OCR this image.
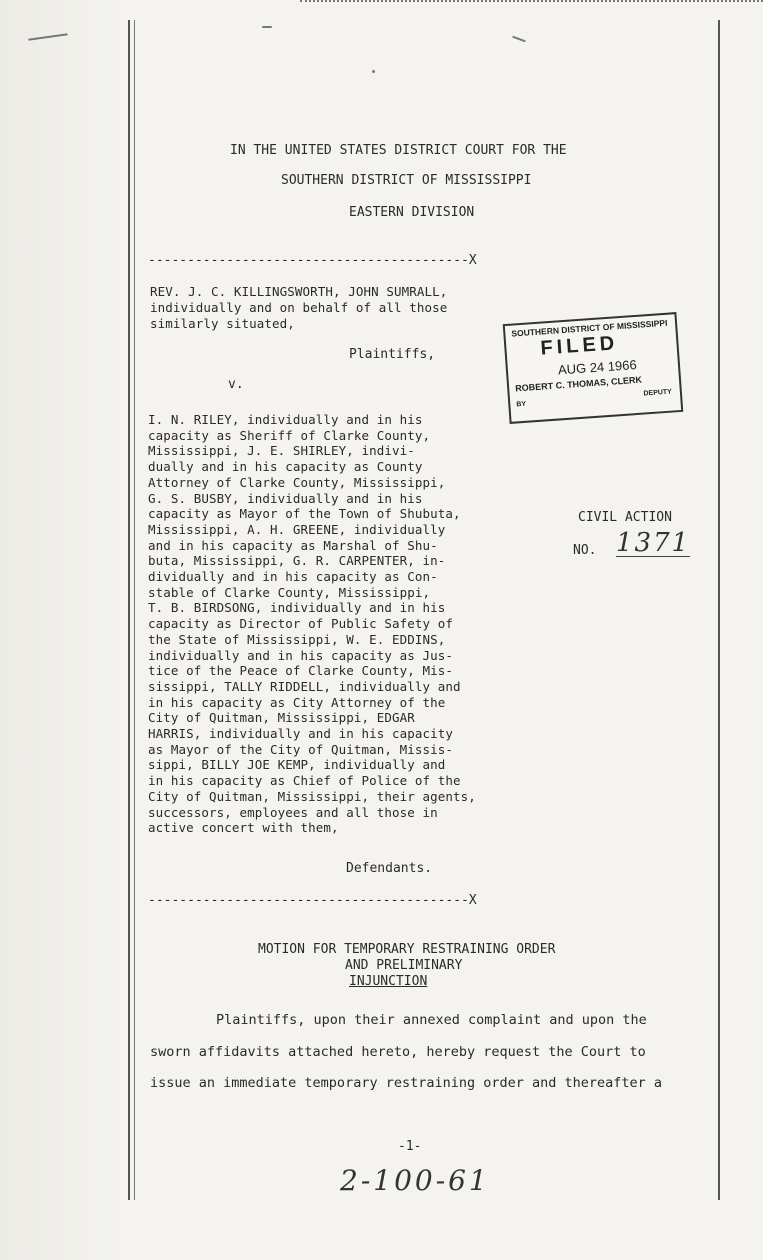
IN THE UNITED STATES DISTRICT COURT FOR THE
SOUTHERN DISTRICT OF MISSISSIPPI
EASTERN DIVISION
-----------------------------------------X
REV. J. C. KILLINGSWORTH, JOHN SUMRALL,
individually and on behalf of all those
similarly situated,
Plaintiffs,
v.
I. N. RILEY, individually and in his
capacity as Sheriff of Clarke County,
Mississippi, J. E. SHIRLEY, indivi-
dually and in his capacity as County
Attorney of Clarke County, Mississippi,
G. S. BUSBY, individually and in his
capacity as Mayor of the Town of Shubuta,
Mississippi, A. H. GREENE, individually
and in his capacity as Marshal of Shu-
buta, Mississippi, G. R. CARPENTER, in-
dividually and in his capacity as Con-
stable of Clarke County, Mississippi,
T. B. BIRDSONG, individually and in his
capacity as Director of Public Safety of
the State of Mississippi, W. E. EDDINS,
individually and in his capacity as Jus-
tice of the Peace of Clarke County, Mis-
sissippi, TALLY RIDDELL, individually and
in his capacity as City Attorney of the
City of Quitman, Mississippi, EDGAR
HARRIS, individually and in his capacity
as Mayor of the City of Quitman, Missis-
sippi, BILLY JOE KEMP, individually and
in his capacity as Chief of Police of the
City of Quitman, Mississippi, their agents,
successors, employees and all those in
active concert with them,
Defendants.
-----------------------------------------X
SOUTHERN DISTRICT OF MISSISSIPPI
FILED
AUG 24 1966
ROBERT C. THOMAS, CLERK
BY
DEPUTY
CIVIL ACTION
NO. 1371
MOTION FOR TEMPORARY RESTRAINING ORDER
AND PRELIMINARY
INJUNCTION
Plaintiffs, upon their annexed complaint and upon the
sworn affidavits attached hereto, hereby request the Court to
issue an immediate temporary restraining order and thereafter a
-1-
2-100-61
